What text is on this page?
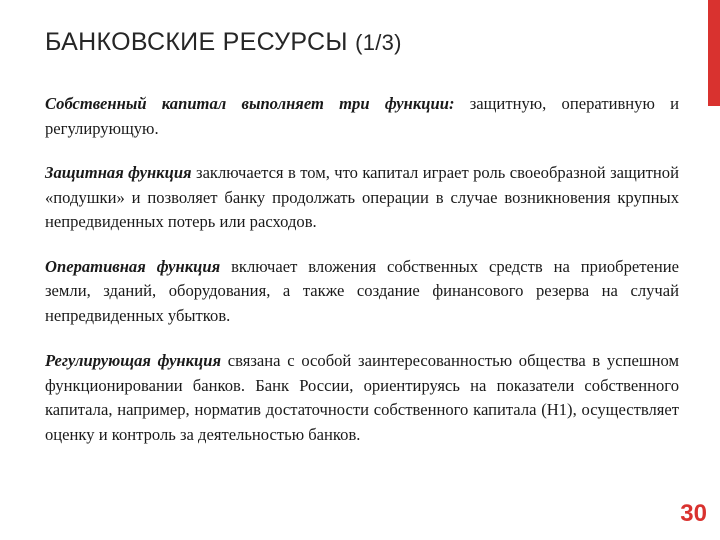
БАНКОВСКИЕ РЕСУРСЫ (1/3)

Собственный капитал выполняет три функции: защитную, оперативную и регулирующую.

Защитная функция заключается в том, что капитал играет роль своеобразной защитной «подушки» и позволяет банку продолжать операции в случае возникновения крупных непредвиденных потерь или расходов.

Оперативная функция включает вложения собственных средств на приобретение земли, зданий, оборудования, а также создание финансового резерва на случай непредвиденных убытков.

Регулирующая функция связана с особой заинтересованностью общества в успешном функционировании банков. Банк России, ориентируясь на показатели собственного капитала, например, норматив достаточности собственного капитала (Н1), осуществляет оценку и контроль за деятельностью банков.

30
